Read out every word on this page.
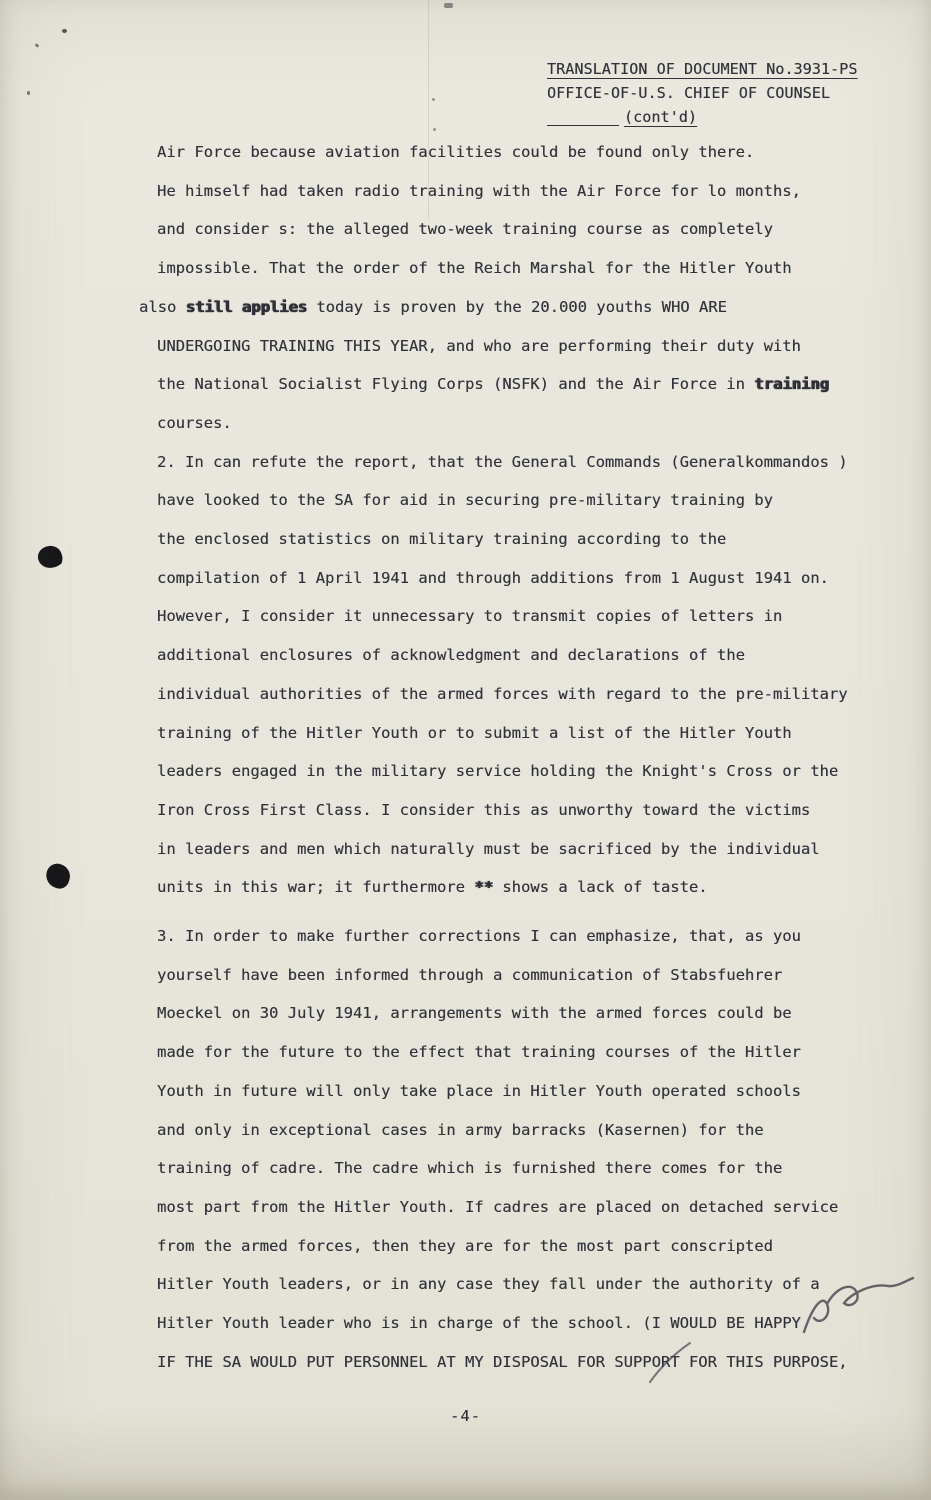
TRANSLATION OF DOCUMENT No.3931-PS
OFFICE-OF-U.S. CHIEF OF COUNSEL
(cont'd)
Air Force because aviation facilities could be found only there.
He himself had taken radio training with the Air Force for lo months,
and consider s: the alleged two-week training course as completely
impossible. That the order of the Reich Marshal for the Hitler Youth
also still applies today is proven by the 20.000 youths WHO ARE
UNDERGOING TRAINING THIS YEAR, and who are performing their duty with
the National Socialist Flying Corps (NSFK) and the Air Force in training
courses.
2. In can refute the report, that the General Commands (Generalkommandos )
have looked to the SA for aid in securing pre-military training by
the enclosed statistics on military training according to the
compilation of 1 April 1941 and through additions from 1 August 1941 on.
However, I consider it unnecessary to transmit copies of letters in
additional enclosures of acknowledgment and declarations of the
individual authorities of the armed forces with regard to the pre-military
training of the Hitler Youth or to submit a list of the Hitler Youth
leaders engaged in the military service holding the Knight's Cross or the
Iron Cross First Class. I consider this as unworthy toward the victims
in leaders and men which naturally must be sacrificed by the individual
units in this war; it furthermore ** shows a lack of taste.
3. In order to make further corrections I can emphasize, that, as you
yourself have been informed through a communication of Stabsfuehrer
Moeckel on 30 July 1941, arrangements with the armed forces could be
made for the future to the effect that training courses of the Hitler
Youth in future will only take place in Hitler Youth operated schools
and only in exceptional cases in army barracks (Kasernen) for the
training of cadre. The cadre which is furnished there comes for the
most part from the Hitler Youth. If cadres are placed on detached service
from the armed forces, then they are for the most part conscripted
Hitler Youth leaders, or in any case they fall under the authority of a
Hitler Youth leader who is in charge of the school. (I WOULD BE HAPPY
IF THE SA WOULD PUT PERSONNEL AT MY DISPOSAL FOR SUPPORT FOR THIS PURPOSE,
-4-
